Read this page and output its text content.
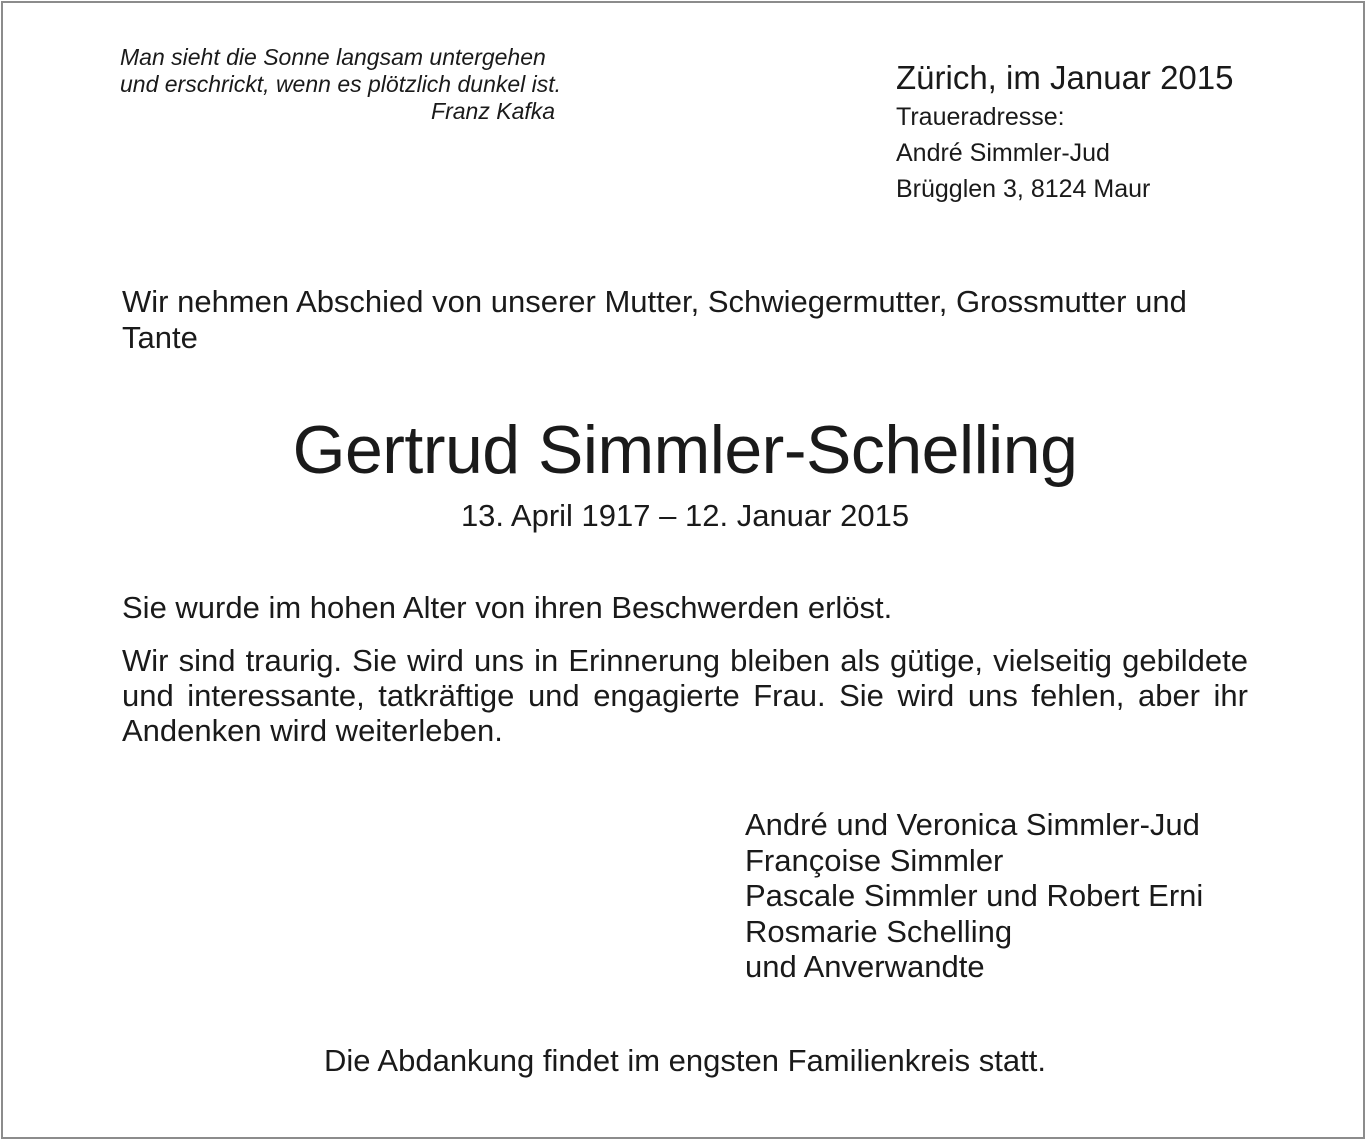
Man sieht die Sonne langsam untergehen
und erschrickt, wenn es plötzlich dunkel ist.
Franz Kafka

Zürich, im Januar 2015

Traueradresse:

André Simmler-Jud

Brügglen 3, 8124 Maur

Wir nehmen Abschied von unserer Mutter, Schwiegermutter, Grossmutter und Tante

Gertrud Simmler-Schelling

13. April 1917 – 12. Januar 2015

Sie wurde im hohen Alter von ihren Beschwerden erlöst.

Wir sind traurig. Sie wird uns in Erinnerung bleiben als gütige, vielseitig gebildete und interessante, tatkräftige und engagierte Frau. Sie wird uns fehlen, aber ihr Andenken wird weiterleben.

André und Veronica Simmler-Jud
Françoise Simmler
Pascale Simmler und Robert Erni
Rosmarie Schelling
und Anverwandte

Die Abdankung findet im engsten Familienkreis statt.
